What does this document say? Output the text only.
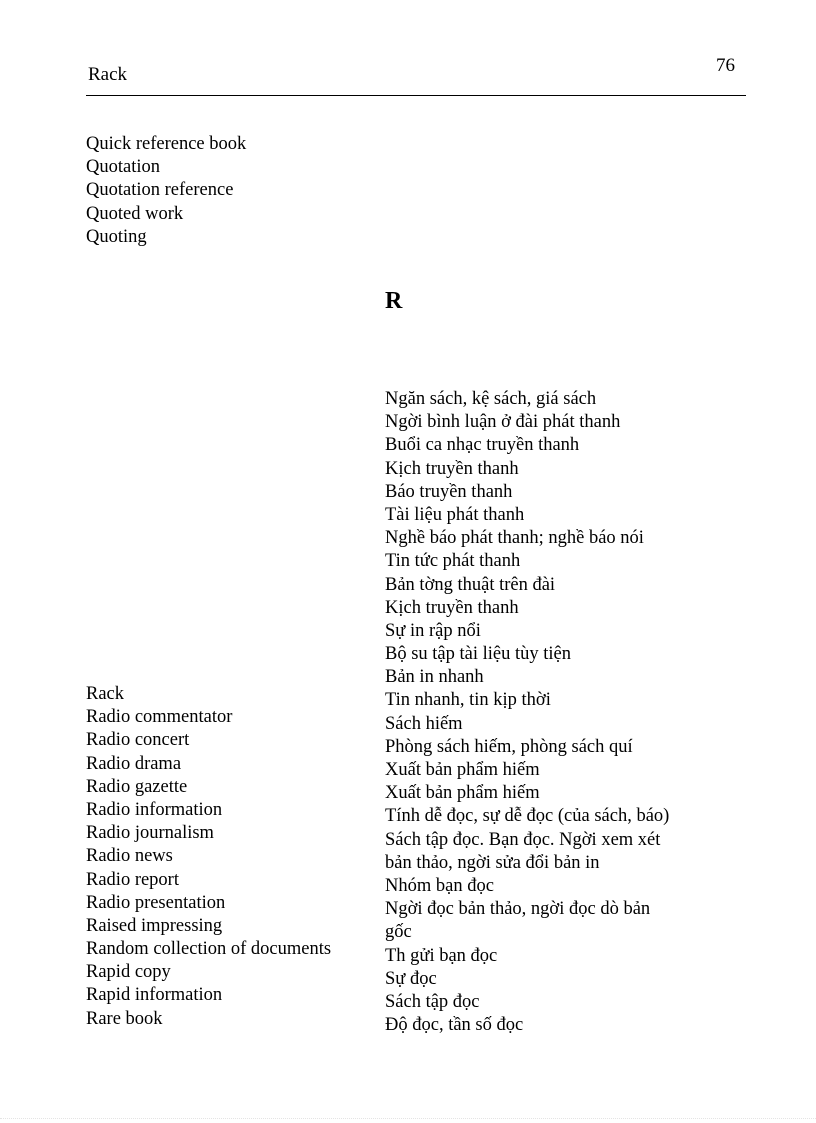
Rack	76
Quick reference book
Quotation
Quotation reference
Quoted work
Quoting
R
Rack
Radio commentator
Radio concert
Radio drama
Radio gazette
Radio information
Radio journalism
Radio news
Radio report
Radio presentation
Raised impressing
Random collection of documents
Rapid copy
Rapid information
Rare book
Ngăn sách, kệ sách, giá sách
Ngời bình luận ở đài phát thanh
Buổi ca nhạc truyền thanh
Kịch truyền thanh
Báo truyền thanh
Tài liệu phát thanh
Nghề báo phát thanh; nghề báo nói
Tin tức phát thanh
Bản tờng thuật trên đài
Kịch truyền thanh
Sự in rập nổi
Bộ su tập tài liệu tùy tiện
Bản in nhanh
Tin nhanh, tin kịp thời
Sách hiếm
Phòng sách hiếm, phòng sách quí
Xuất bản phẩm hiếm
Xuất bản phẩm hiếm
Tính dễ đọc, sự dễ đọc (của sách, báo)
Sách tập đọc. Bạn đọc. Ngời xem xét
bản thảo, ngời sửa đổi bản in
Nhóm bạn đọc
Ngời đọc bản thảo, ngời đọc dò bản
gốc
Th gửi bạn đọc
Sự đọc
Sách tập đọc
Độ đọc, tần số đọc
